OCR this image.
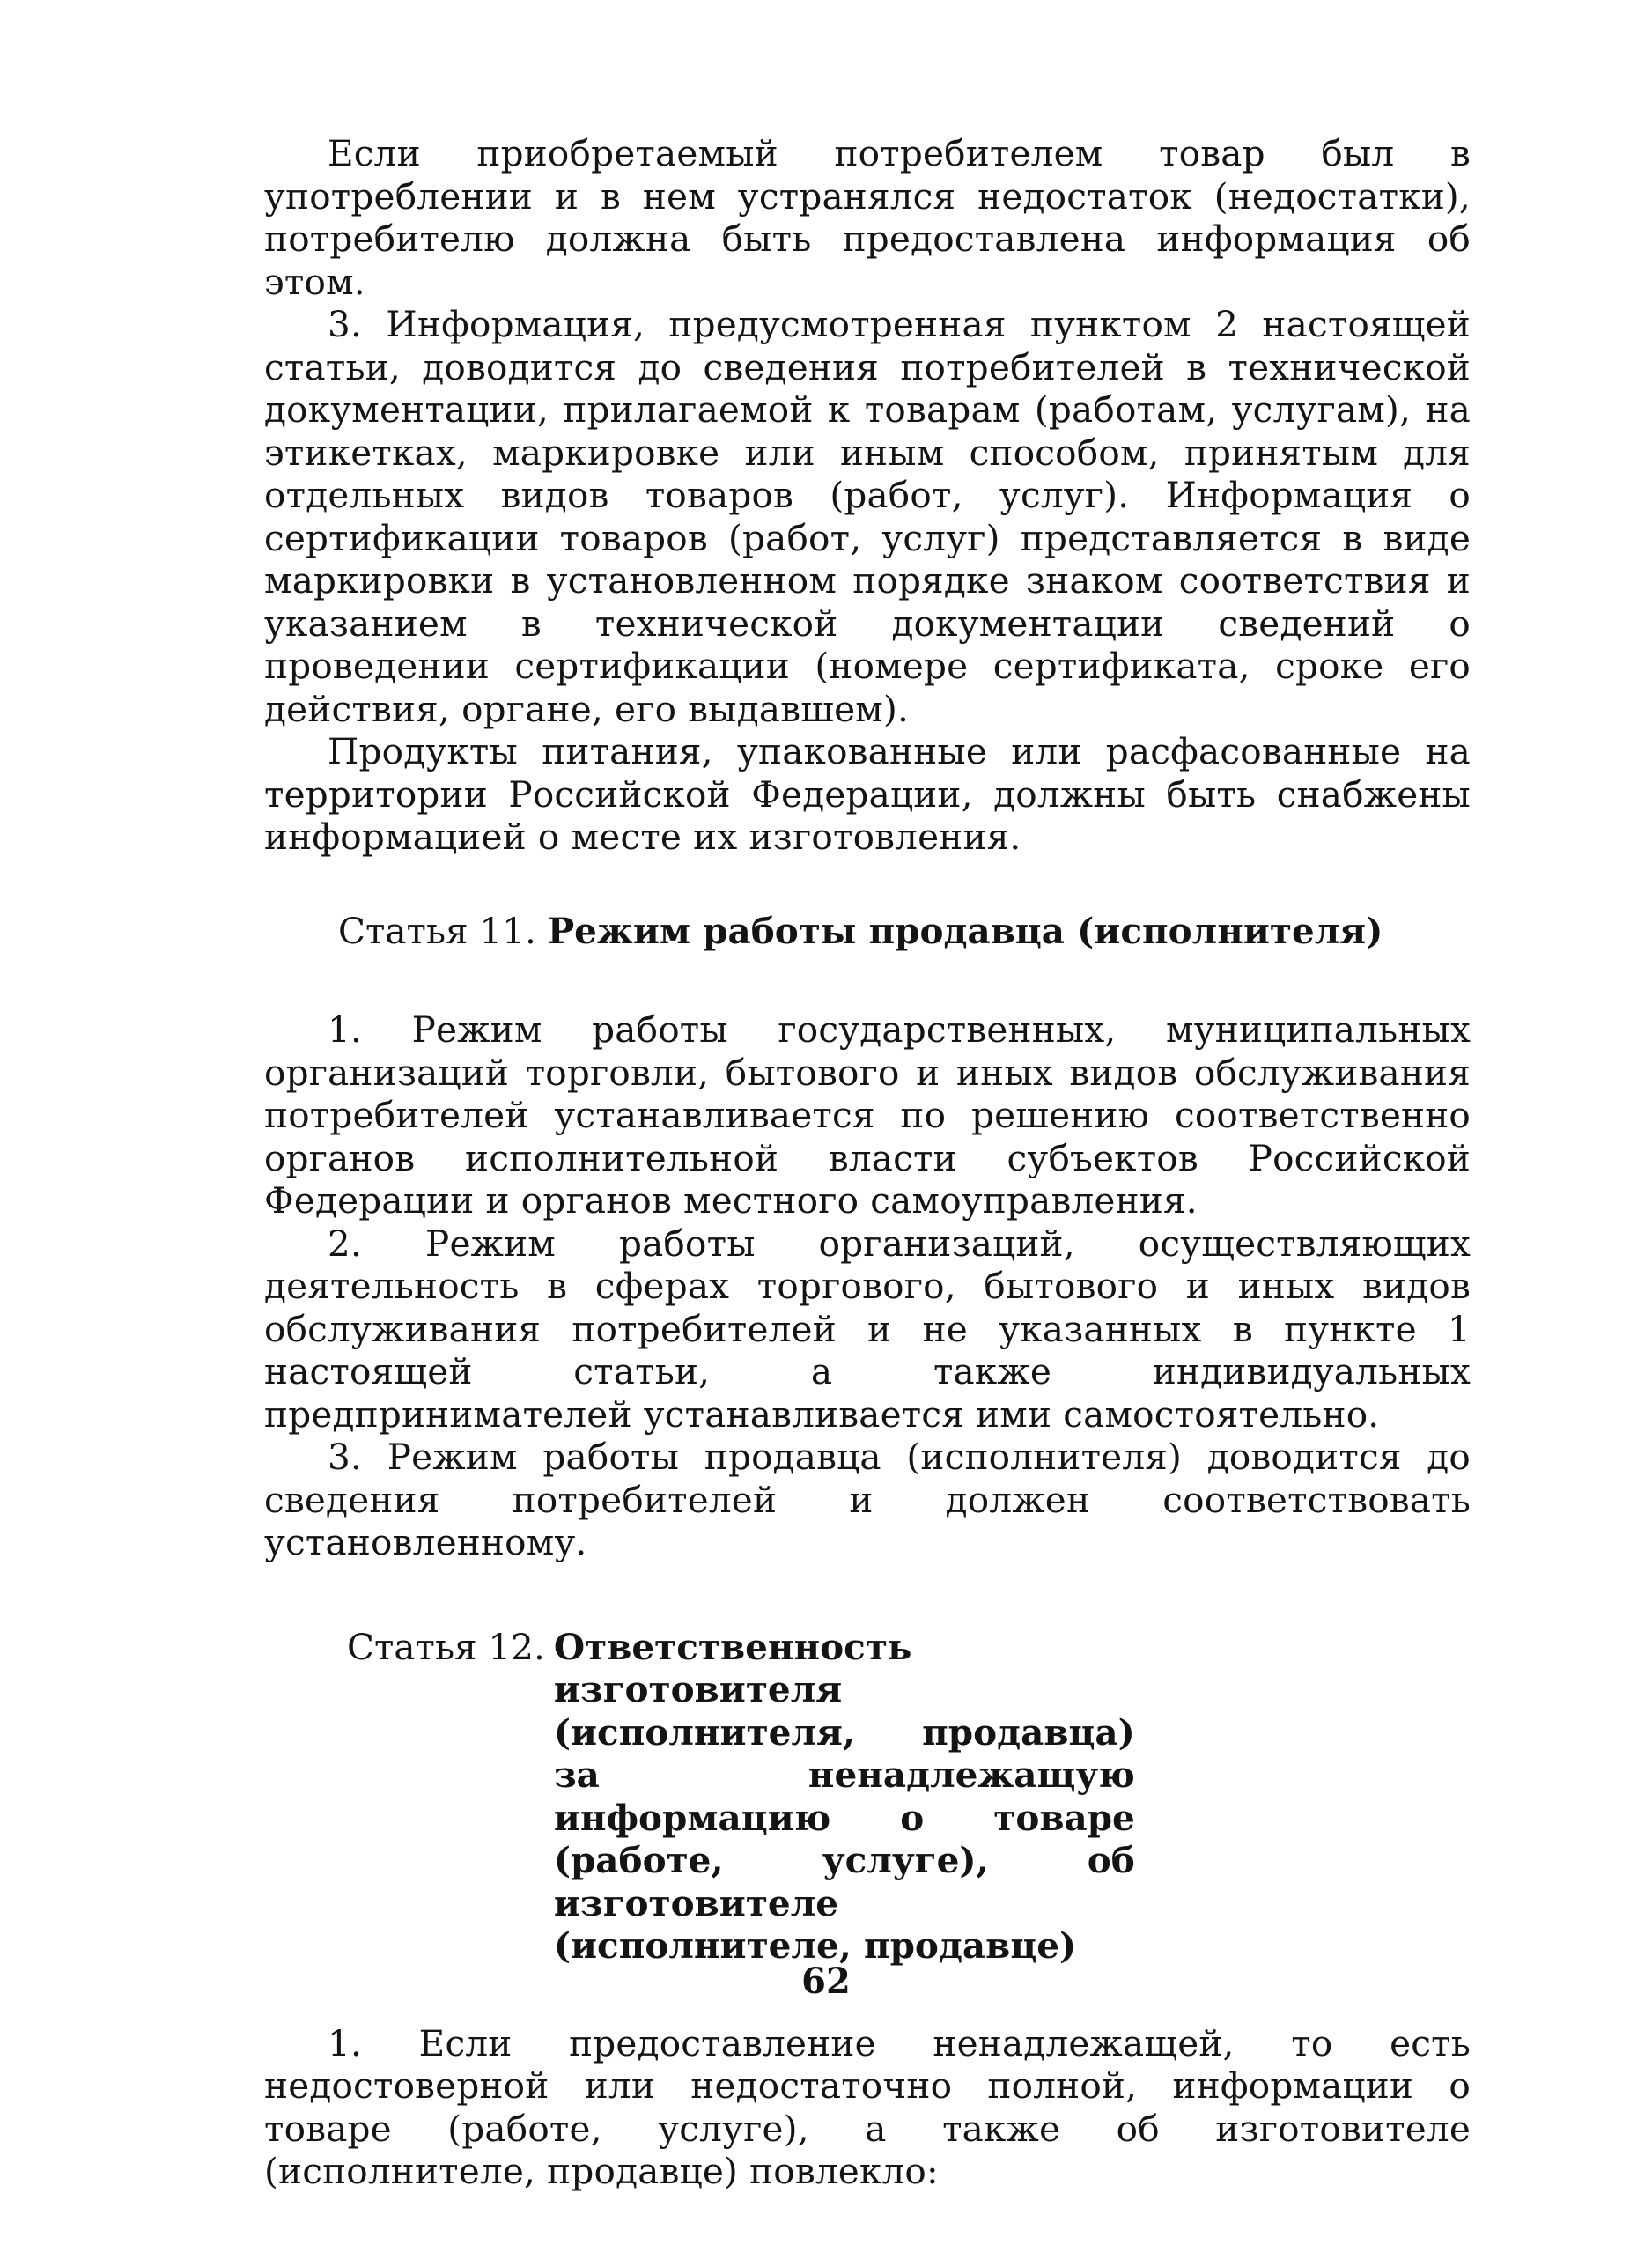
Если приобретаемый потребителем товар был в употреблении и в нем устранялся недостаток (недостатки), потребителю должна быть предоставлена информация об этом.

3. Информация, предусмотренная пунктом 2 настоящей статьи, доводится до сведения потребителей в технической документации, прилагаемой к товарам (работам, услугам), на этикетках, маркировке или иным способом, принятым для отдельных видов товаров (работ, услуг). Информация о сертификации товаров (работ, услуг) представляется в виде маркировки в установленном порядке знаком соответствия и указанием в технической документации сведений о проведении сертификации (номере сертификата, сроке его действия, органе, его выдавшем).

Продукты питания, упакованные или расфасованные на территории Российской Федерации, должны быть снабжены информацией о месте их изготовления.

Статья 11. Режим работы продавца (исполнителя)

1. Режим работы государственных, муниципальных организаций торговли, бытового и иных видов обслуживания потребителей устанавливается по решению соответственно органов исполнительной власти субъектов Российской Федерации и органов местного самоуправления.

2. Режим работы организаций, осуществляющих деятельность в сферах торгового, бытового и иных видов обслуживания потребителей и не указанных в пункте 1 настоящей статьи, а также индивидуальных предпринимателей устанавливается ими самостоятельно.

3. Режим работы продавца (исполнителя) доводится до сведения потребителей и должен соответствовать установленному.

Статья 12. Ответственность изготовителя (исполнителя, продавца) за ненадлежащую информацию о товаре (работе, услуге), об изготовителе (исполнителе, продавце)

1. Если предоставление ненадлежащей, то есть недостоверной или недостаточно полной, информации о товаре (работе, услуге), а также об изготовителе (исполнителе, продавце) повлекло:

62
